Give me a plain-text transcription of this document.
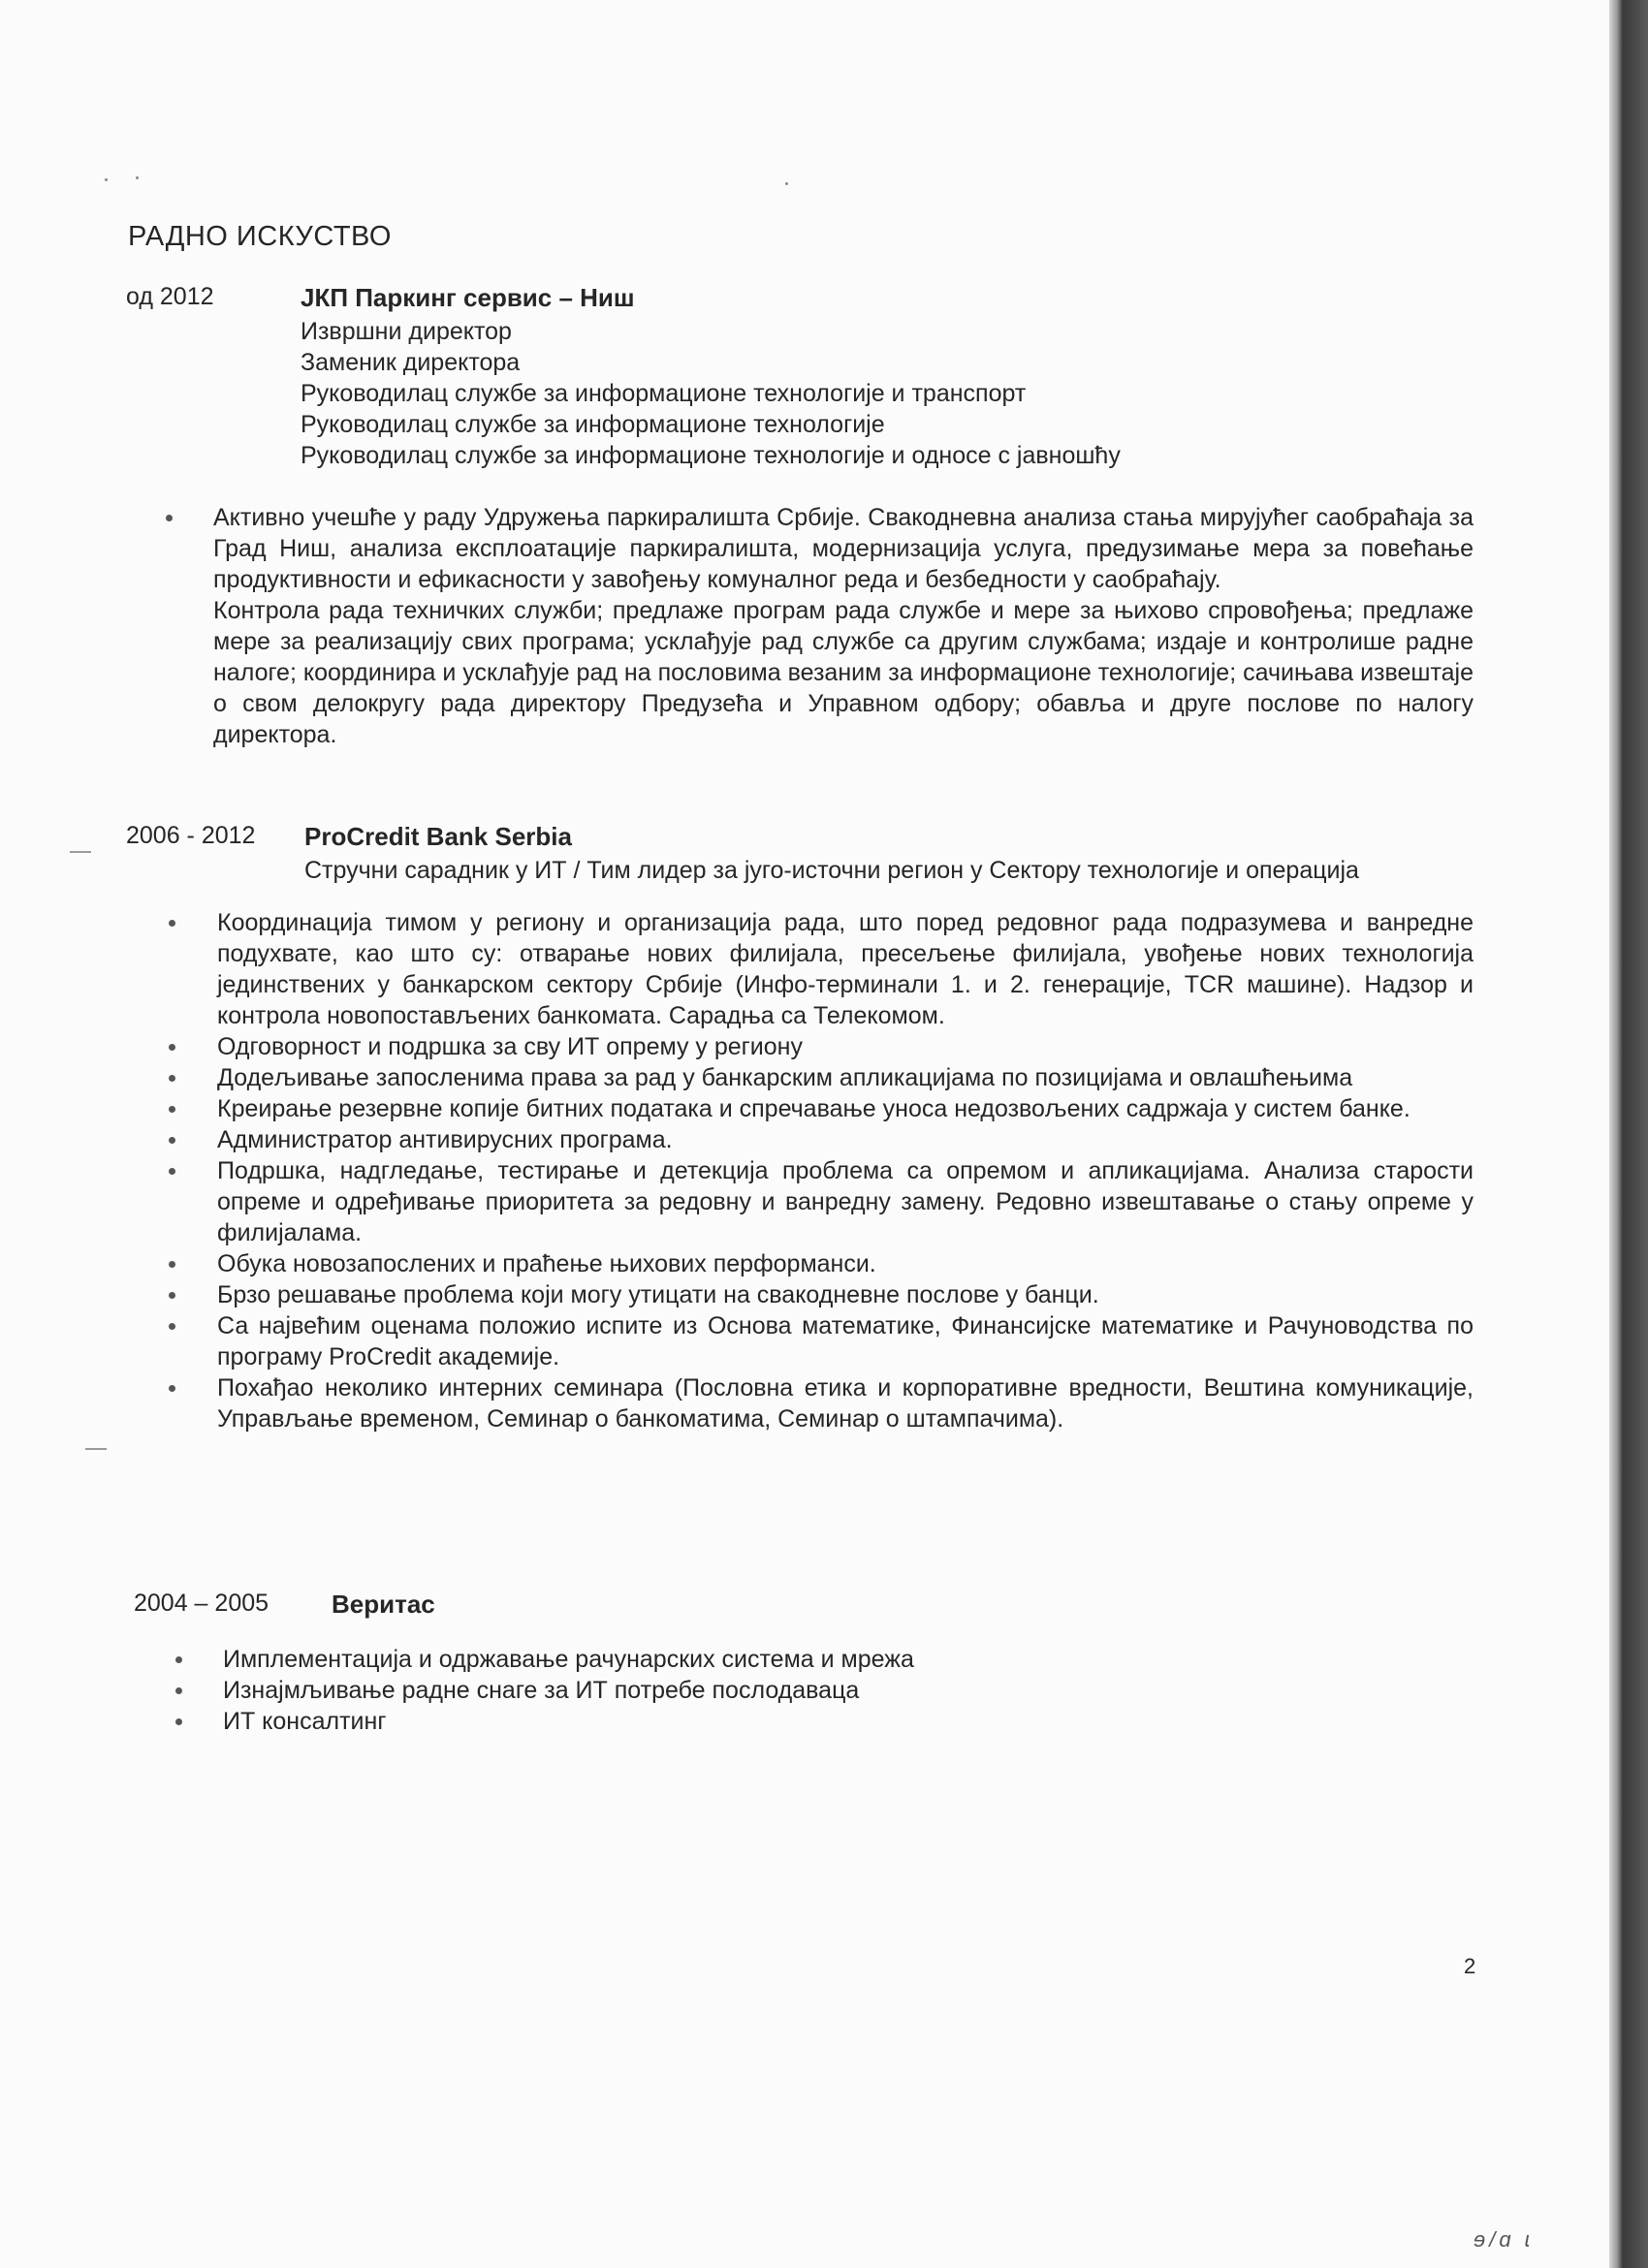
РАДНО ИСКУСТВО
од 2012	ЈКП Паркинг сервис – Ниш
Извршни директор
Заменик директора
Руководилац службе за информационе технологије и транспорт
Руководилац службе за информационе технологије
Руководилац службе за информационе технологије и односе с јавношћу
Активно учешће у раду Удружења паркиралишта Србије. Свакодневна анализа стања мирујућег саобраћаја за Град Ниш, анализа експлоатације паркиралишта, модернизација услуга, предузимање мера за повећање продуктивности и ефикасности у завођењу комуналног реда и безбедности у саобраћају.

Контрола рада техничких служби; предлаже програм рада службе и мере за њихово спровођења; предлаже мере за реализацију свих програма; усклађује рад службе са другим службама; издаје и контролише радне налоге; координира и усклађује рад на пословима везаним за информационе технологије; сачињава извештаје о свом делокругу рада директору Предузећа и Управном одбору; обавља и друге послове по налогу директора.

2006 - 2012 ProCredit Bank Serbia
Стручни сарадник у ИТ / Тим лидер за југо-источни регион у Сектору технологије и операција
Координација тимом у региону и организација рада, што поред редовног рада подразумева и ванредне подухвате, као што су: отварање нових филијала, пресељење филијала, увођење нових технологија јединствених у банкарском сектору Србије (Инфо-терминали 1. и 2. генерације, TCR машине). Надзор и контрола новопостављених банкомата. Сарадња са Телекомом.
Одговорност и подршка за сву ИТ опрему у региону
Додељивање запосленима права за рад у банкарским апликацијама по позицијама и овлашћењима
Креирање резервне копије битних података и спречавање уноса недозвољених садржаја у систем банке.
Администратор антивирусних програма.
Подршка, надгледање, тестирање и детекција проблема са опремом и апликацијама. Анализа старости опреме и одређивање приоритета за редовну и ванредну замену. Редовно извештавање о стању опреме у филијалама.
Обука новозапослених и праћење њихових перформанси.
Брзо решавање проблема који могу утицати на свакодневне послове у банци.
Са највећим оценама положио испите из Основа математике, Финансијске математике и Рачуноводства по програму ProCredit академије.
Похађао неколико интерних семинара (Пословна етика и корпоративне вредности, Вештина комуникације, Управљање временом, Семинар о банкоматима, Семинар о штампачима).
2004 – 2005 Веритас
Имплементација и одржавање рачунарских система и мрежа
Изнајмљивање радне снаге за ИТ потребе послодаваца
ИТ консалтинг
2
ɘ/ɑ ɩ
